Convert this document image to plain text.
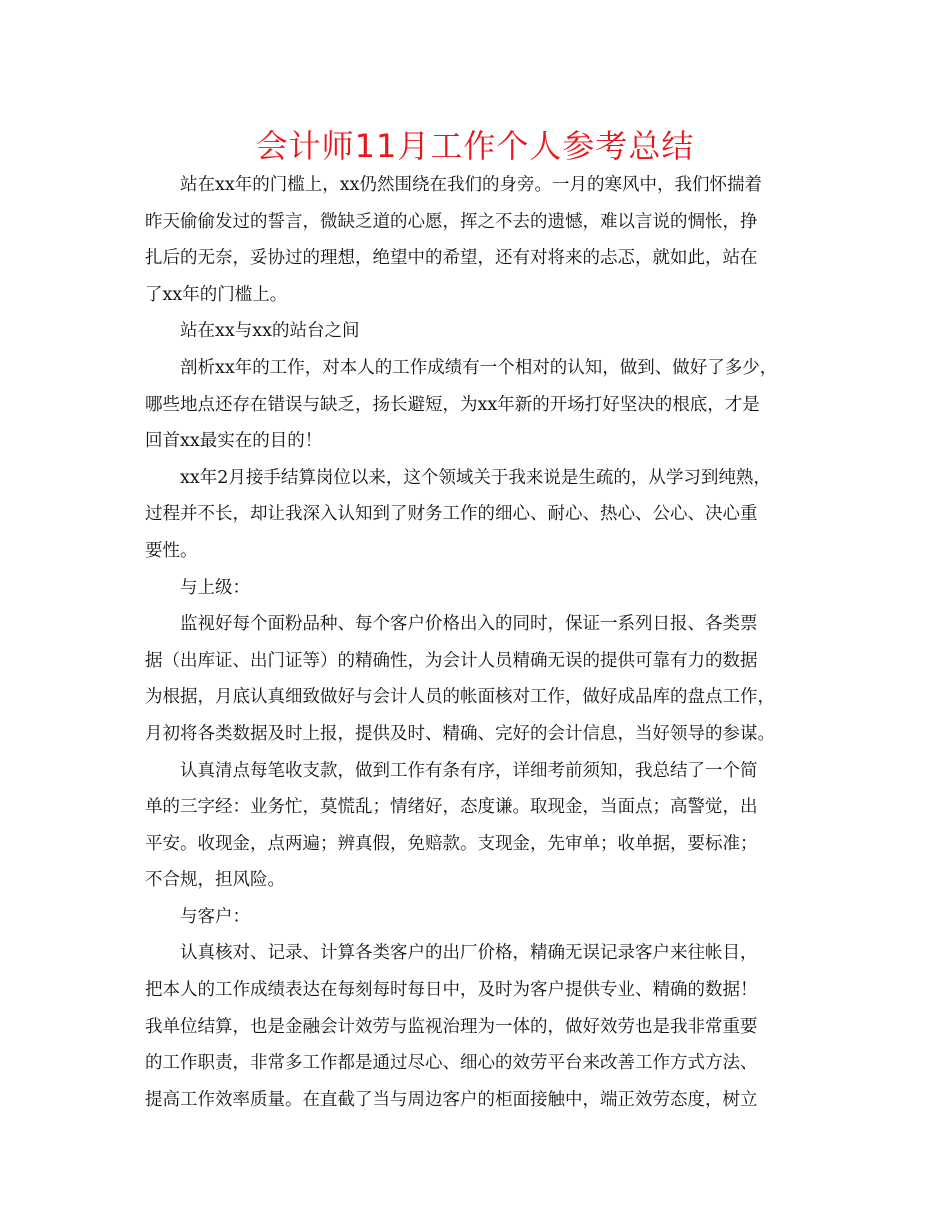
会计师11月工作个人参考总结
站在xx年的门槛上，xx仍然围绕在我们的身旁。一月的寒风中，我们怀揣着
昨天偷偷发过的誓言，微缺乏道的心愿，挥之不去的遗憾，难以言说的惆怅，挣
扎后的无奈，妥协过的理想，绝望中的希望，还有对将来的忐忑，就如此，站在
了xx年的门槛上。
站在xx与xx的站台之间
剖析xx年的工作，对本人的工作成绩有一个相对的认知，做到、做好了多少，
哪些地点还存在错误与缺乏，扬长避短，为xx年新的开场打好坚决的根底，才是
回首xx最实在的目的！
xx年2月接手结算岗位以来，这个领域关于我来说是生疏的，从学习到纯熟，
过程并不长，却让我深入认知到了财务工作的细心、耐心、热心、公心、决心重
要性。
与上级：
监视好每个面粉品种、每个客户价格出入的同时，保证一系列日报、各类票
据（出库证、出门证等）的精确性，为会计人员精确无误的提供可靠有力的数据
为根据，月底认真细致做好与会计人员的帐面核对工作，做好成品库的盘点工作，
月初将各类数据及时上报，提供及时、精确、完好的会计信息，当好领导的参谋。
认真清点每笔收支款，做到工作有条有序，详细考前须知，我总结了一个简
单的三字经：业务忙，莫慌乱；情绪好，态度谦。取现金，当面点；高警觉，出
平安。收现金，点两遍；辨真假，免赔款。支现金，先审单；收单据，要标准；
不合规，担风险。
与客户：
认真核对、记录、计算各类客户的出厂价格，精确无误记录客户来往帐目，
把本人的工作成绩表达在每刻每时每日中，及时为客户提供专业、精确的数据！
我单位结算，也是金融会计效劳与监视治理为一体的，做好效劳也是我非常重要
的工作职责，非常多工作都是通过尽心、细心的效劳平台来改善工作方式方法、
提高工作效率质量。在直截了当与周边客户的柜面接触中，端正效劳态度，树立
